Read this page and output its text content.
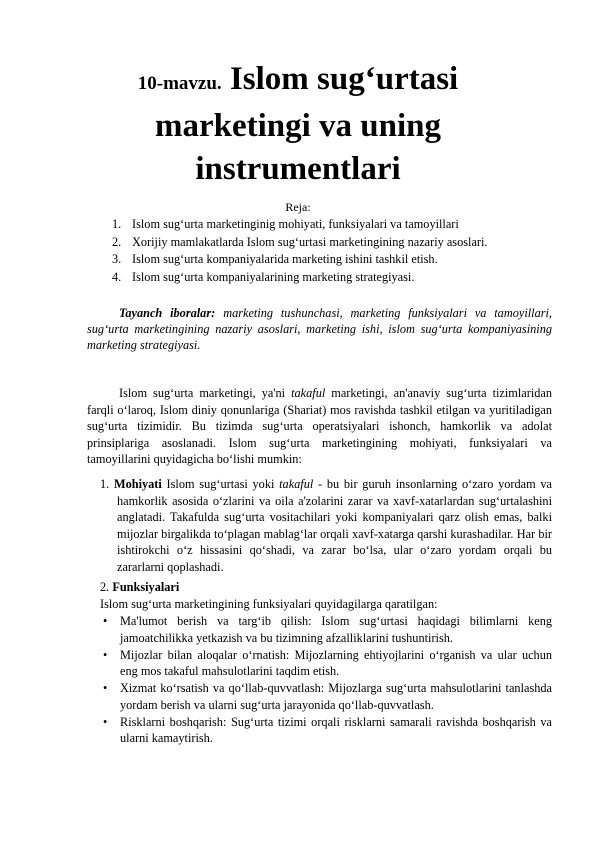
10-mavzu. Islom sug‘urtasi
marketingi va uning
instrumentlari
Reja:
1. Islom sug‘urta marketinginig mohiyati, funksiyalari va tamoyillari
2. Xorijiy mamlakatlarda Islom sug‘urtasi marketingining nazariy asoslari.
3. Islom sug‘urta kompaniyalarida marketing ishini tashkil etish.
4. Islom sug‘urta kompaniyalarining marketing strategiyasi.
Tayanch iboralar: marketing tushunchasi, marketing funksiyalari va tamoyillari, sug‘urta marketingining nazariy asoslari, marketing ishi, islom sug‘urta kompaniyasining marketing strategiyasi.
Islom sug‘urta marketingi, ya'ni takaful marketingi, an'anaviy sug‘urta tizimlaridan farqli o‘laroq, Islom diniy qonunlariga (Shariat) mos ravishda tashkil etilgan va yuritiladigan sug‘urta tizimidir. Bu tizimda sug‘urta operatsiyalari ishonch, hamkorlik va adolat prinsiplariga asoslanadi. Islom sug‘urta marketingining mohiyati, funksiyalari va tamoyillarini quyidagicha bo‘lishi mumkin:
1. Mohiyati Islom sug‘urtasi yoki takaful - bu bir guruh insonlarning o‘zaro yordam va hamkorlik asosida o‘zlarini va oila a'zolarini zarar va xavf-xatarlardan sug‘urtalashini anglatadi. Takafulda sug‘urta vositachilari yoki kompaniyalari qarz olish emas, balki mijozlar birgalikda to‘plagan mablag‘lar orqali xavf-xatarga qarshi kurashadilar. Har bir ishtirokchi o‘z hissasini qo‘shadi, va zarar bo‘lsa, ular o‘zaro yordam orqali bu zararlarni qoplashadi.
2. Funksiyalari
Islom sug‘urta marketingining funksiyalari quyidagilarga qaratilgan:
• Ma'lumot berish va targ‘ib qilish: Islom sug‘urtasi haqidagi bilimlarni keng jamoatchilikka yetkazish va bu tizimning afzalliklarini tushuntirish.
• Mijozlar bilan aloqalar o‘rnatish: Mijozlarning ehtiyojlarini o‘rganish va ular uchun eng mos takaful mahsulotlarini taqdim etish.
• Xizmat ko‘rsatish va qo‘llab-quvvatlash: Mijozlarga sug‘urta mahsulotlarini tanlashda yordam berish va ularni sug‘urta jarayonida qo‘llab-quvvatlash.
• Risklarni boshqarish: Sug‘urta tizimi orqali risklarni samarali ravishda boshqarish va ularni kamaytirish.
